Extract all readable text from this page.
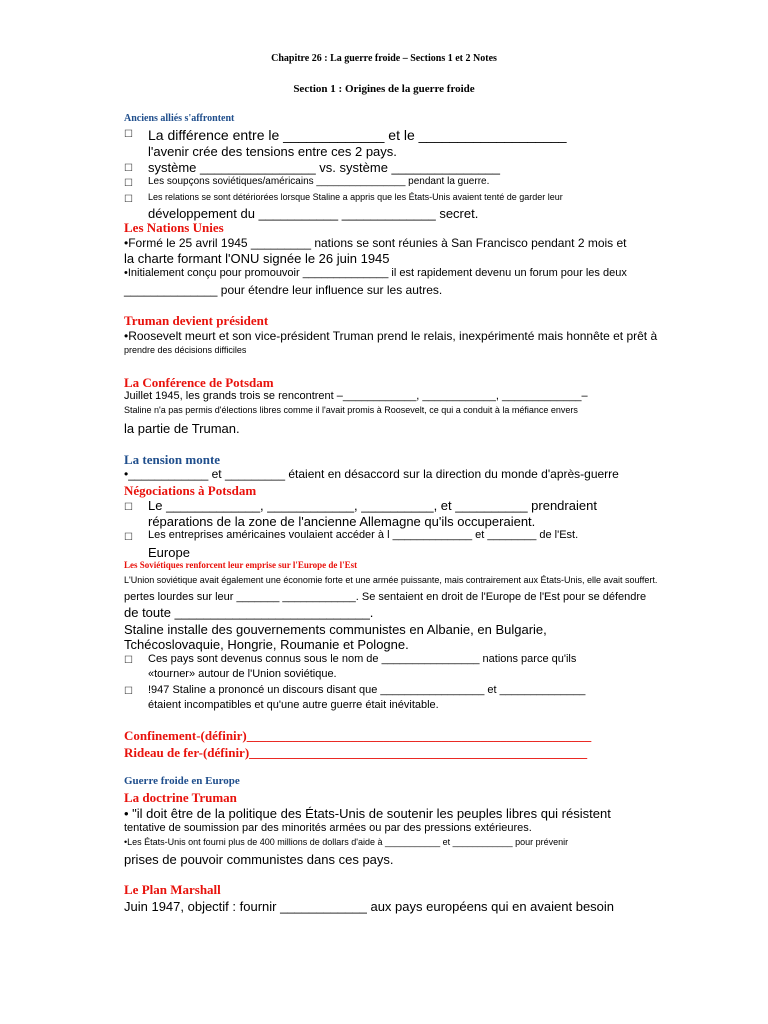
Chapitre 26 : La guerre froide – Sections 1 et 2 Notes
Section 1 : Origines de la guerre froide
Anciens alliés s'affrontent
☐
La différence entre le _____________ et le ___________________
l'avenir crée des tensions entre ces 2 pays.
☐
système ________________ vs. système _______________
☐
Les soupçons soviétiques/américains ________________ pendant la guerre.
☐
Les relations se sont détériorées lorsque Staline a appris que les États-Unis avaient tenté de garder leur
développement du ___________ _____________ secret.
Les Nations Unies
•Formé le 25 avril 1945 _________ nations se sont réunies à San Francisco pendant 2 mois et
la charte formant l'ONU signée le 26 juin 1945
•Initialement conçu pour promouvoir ______________ il est rapidement devenu un forum pour les deux
______________ pour étendre leur influence sur les autres.
Truman devient président
•Roosevelt meurt et son vice-président Truman prend le relais, inexpérimenté mais honnête et prêt à
prendre des décisions difficiles
La Conférence de Potsdam
Juillet 1945, les grands trois se rencontrent –____________, ____________, _____________–
Staline n'a pas permis d'élections libres comme il l'avait promis à Roosevelt, ce qui a conduit à la méfiance envers
la partie de Truman.
La tension monte
•____________ et _________ étaient en désaccord sur la direction du monde d'après-guerre
Négociations à Potsdam
☐
Le _____________, ____________, __________, et __________ prendraient
réparations de la zone de l'ancienne Allemagne qu'ils occuperaient.
☐
Les entreprises américaines voulaient accéder à l _____________ et ________ de l'Est.
Europe
Les Soviétiques renforcent leur emprise sur l'Europe de l'Est
L'Union soviétique avait également une économie forte et une armée puissante, mais contrairement aux États-Unis, elle avait souffert.
pertes lourdes sur leur _______ ____________. Se sentaient en droit de l'Europe de l'Est pour se défendre
de toute ___________________________.
Staline installe des gouvernements communistes en Albanie, en Bulgarie,
Tchécoslovaquie, Hongrie, Roumanie et Pologne.
☐
Ces pays sont devenus connus sous le nom de ________________ nations parce qu'ils
«tourner» autour de l'Union soviétique.
☐
!947 Staline a prononcé un discours disant que _________________ et ______________
étaient incompatibles et qu'une autre guerre était inévitable.
Confinement-(définir)_____________________________________________________
Rideau de fer-(définir)____________________________________________________
Guerre froide en Europe
La doctrine Truman
• "il doit être de la politique des États-Unis de soutenir les peuples libres qui résistent
tentative de soumission par des minorités armées ou par des pressions extérieures.
•Les États-Unis ont fourni plus de 400 millions de dollars d'aide à ___________ et ____________ pour prévenir
prises de pouvoir communistes dans ces pays.
Le Plan Marshall
Juin 1947, objectif : fournir ____________ aux pays européens qui en avaient besoin
